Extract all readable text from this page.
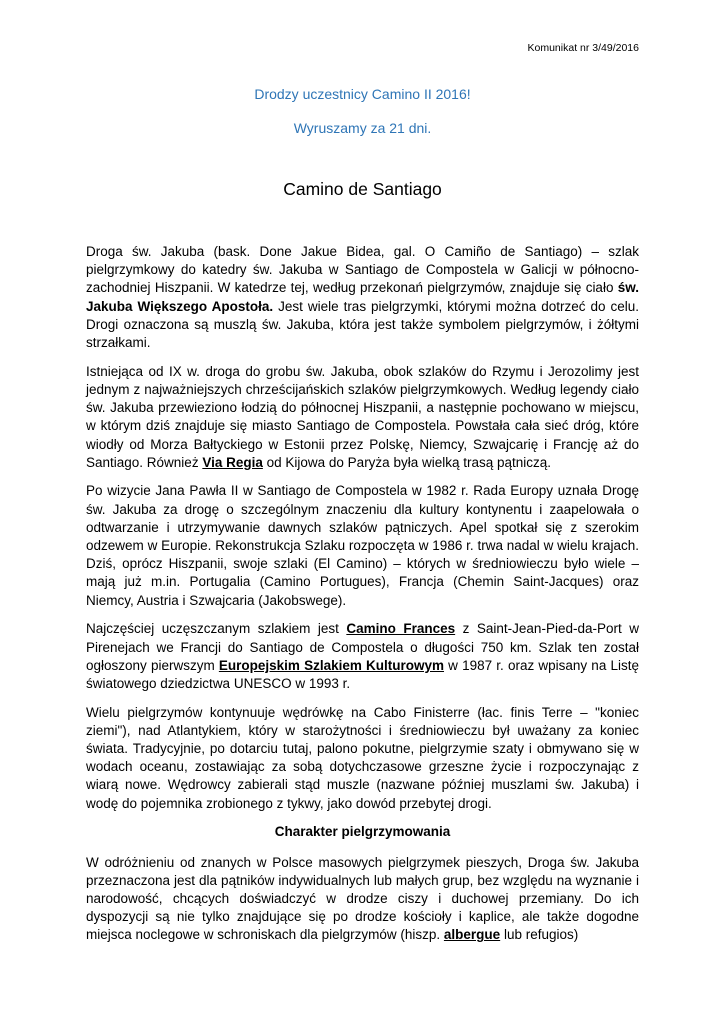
Komunikat nr 3/49/2016
Drodzy uczestnicy Camino II 2016!
Wyruszamy za 21 dni.
Camino de Santiago

Droga św. Jakuba (bask. Done Jakue Bidea, gal. O Camiño de Santiago) – szlak pielgrzymkowy do katedry św. Jakuba w Santiago de Compostela w Galicji w północno-zachodniej Hiszpanii. W katedrze tej, według przekonań pielgrzymów, znajduje się ciało św. Jakuba Większego Apostoła. Jest wiele tras pielgrzymki, którymi można dotrzeć do celu. Drogi oznaczona są muszlą św. Jakuba, która jest także symbolem pielgrzymów, i żółtymi strzałkami.

Istniejąca od IX w. droga do grobu św. Jakuba, obok szlaków do Rzymu i Jerozolimy jest jednym z najważniejszych chrześcijańskich szlaków pielgrzymkowych. Według legendy ciało św. Jakuba przewieziono łodzią do północnej Hiszpanii, a następnie pochowano w miejscu, w którym dziś znajduje się miasto Santiago de Compostela. Powstała cała sieć dróg, które wiodły od Morza Bałtyckiego w Estonii przez Polskę, Niemcy, Szwajcarię i Francję aż do Santiago. Również Via Regia od Kijowa do Paryża była wielką trasą pątniczą.

Po wizycie Jana Pawła II w Santiago de Compostela w 1982 r. Rada Europy uznała Drogę św. Jakuba za drogę o szczególnym znaczeniu dla kultury kontynentu i zaapelowała o odtwarzanie i utrzymywanie dawnych szlaków pątniczych. Apel spotkał się z szerokim odzewem w Europie. Rekonstrukcja Szlaku rozpoczęta w 1986 r. trwa nadal w wielu krajach. Dziś, oprócz Hiszpanii, swoje szlaki (El Camino) – których w średniowieczu było wiele – mają już m.in. Portugalia (Camino Portugues), Francja (Chemin Saint-Jacques) oraz Niemcy, Austria i Szwajcaria (Jakobswege).

Najczęściej uczęszczanym szlakiem jest Camino Frances z Saint-Jean-Pied-da-Port w Pirenejach we Francji do Santiago de Compostela o długości 750 km. Szlak ten został ogłoszony pierwszym Europejskim Szlakiem Kulturowym w 1987 r. oraz wpisany na Listę światowego dziedzictwa UNESCO w 1993 r.

Wielu pielgrzymów kontynuuje wędrówkę na Cabo Finisterre (łac. finis Terre – "koniec ziemi"), nad Atlantykiem, który w starożytności i średniowieczu był uważany za koniec świata. Tradycyjnie, po dotarciu tutaj, palono pokutne, pielgrzymie szaty i obmywano się w wodach oceanu, zostawiając za sobą dotychczasowe grzeszne życie i rozpoczynając z wiarą nowe. Wędrowcy zabierali stąd muszle (nazwane później muszlami św. Jakuba) i wodę do pojemnika zrobionego z tykwy, jako dowód przebytej drogi.

Charakter pielgrzymowania

W odróżnieniu od znanych w Polsce masowych pielgrzymek pieszych, Droga św. Jakuba przeznaczona jest dla pątników indywidualnych lub małych grup, bez względu na wyznanie i narodowość, chcących doświadczyć w drodze ciszy i duchowej przemiany. Do ich dyspozycji są nie tylko znajdujące się po drodze kościoły i kaplice, ale także dogodne miejsca noclegowe w schroniskach dla pielgrzymów (hiszp. albergue lub refugios)
